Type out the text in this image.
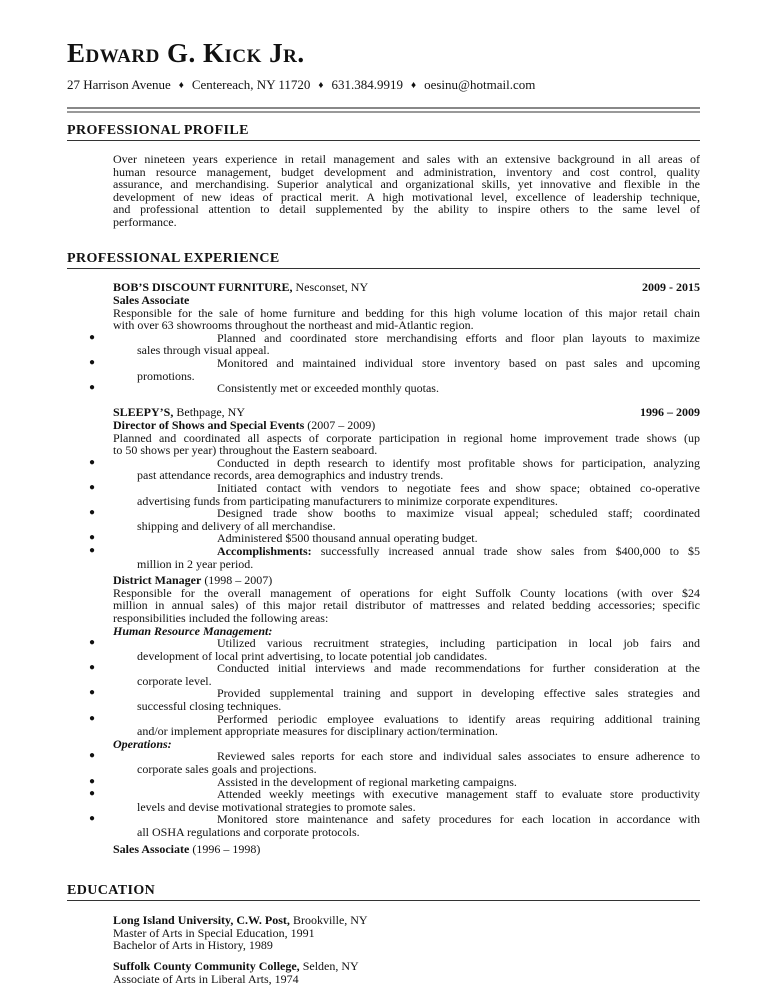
Edward G. Kick Jr.
27 Harrison Avenue ♦ Centereach, NY 11720 ♦ 631.384.9919 ♦ oesinu@hotmail.com
PROFESSIONAL PROFILE
Over nineteen years experience in retail management and sales with an extensive background in all areas of
human resource management, budget development and administration, inventory and cost control, quality
assurance, and merchandising. Superior analytical and organizational skills, yet innovative and flexible in the
development of new ideas of practical merit. A high motivational level, excellence of leadership technique,
and professional attention to detail supplemented by the ability to inspire others to the same level of
performance.
PROFESSIONAL EXPERIENCE
BOB’S DISCOUNT FURNITURE, Nesconset, NY	2009 - 2015
Sales Associate
Responsible for the sale of home furniture and bedding for this high volume location of this major retail chain
with over 63 showrooms throughout the northeast and mid-Atlantic region.
●	Planned and coordinated store merchandising efforts and floor plan layouts to maximize
sales through visual appeal.
●	Monitored and maintained individual store inventory based on past sales and upcoming
promotions.
●	Consistently met or exceeded monthly quotas.
SLEEPY’S, Bethpage, NY	1996 – 2009
Director of Shows and Special Events (2007 – 2009)
Planned and coordinated all aspects of corporate participation in regional home improvement trade shows (up
to 50 shows per year) throughout the Eastern seaboard.
●	Conducted in depth research to identify most profitable shows for participation, analyzing
past attendance records, area demographics and industry trends.
●	Initiated contact with vendors to negotiate fees and show space; obtained co-operative
advertising funds from participating manufacturers to minimize corporate expenditures.
●	Designed trade show booths to maximize visual appeal; scheduled staff; coordinated
shipping and delivery of all merchandise.
●	Administered $500 thousand annual operating budget.
●	Accomplishments: successfully increased annual trade show sales from $400,000 to $5
million in 2 year period.
District Manager (1998 – 2007)
Responsible for the overall management of operations for eight Suffolk County locations (with over $24
million in annual sales) of this major retail distributor of mattresses and related bedding accessories; specific
responsibilities included the following areas:
Human Resource Management:
●	Utilized various recruitment strategies, including participation in local job fairs and
development of local print advertising, to locate potential job candidates.
●	Conducted initial interviews and made recommendations for further consideration at the
corporate level.
●	Provided supplemental training and support in developing effective sales strategies and
successful closing techniques.
●	Performed periodic employee evaluations to identify areas requiring additional training
and/or implement appropriate measures for disciplinary action/termination.
Operations:
●	Reviewed sales reports for each store and individual sales associates to ensure adherence to
corporate sales goals and projections.
●	Assisted in the development of regional marketing campaigns.
●	Attended weekly meetings with executive management staff to evaluate store productivity
levels and devise motivational strategies to promote sales.
●	Monitored store maintenance and safety procedures for each location in accordance with
all OSHA regulations and corporate protocols.
Sales Associate (1996 – 1998)
EDUCATION
Long Island University, C.W. Post, Brookville, NY
Master of Arts in Special Education, 1991
Bachelor of Arts in History, 1989
Suffolk County Community College, Selden, NY
Associate of Arts in Liberal Arts, 1974
